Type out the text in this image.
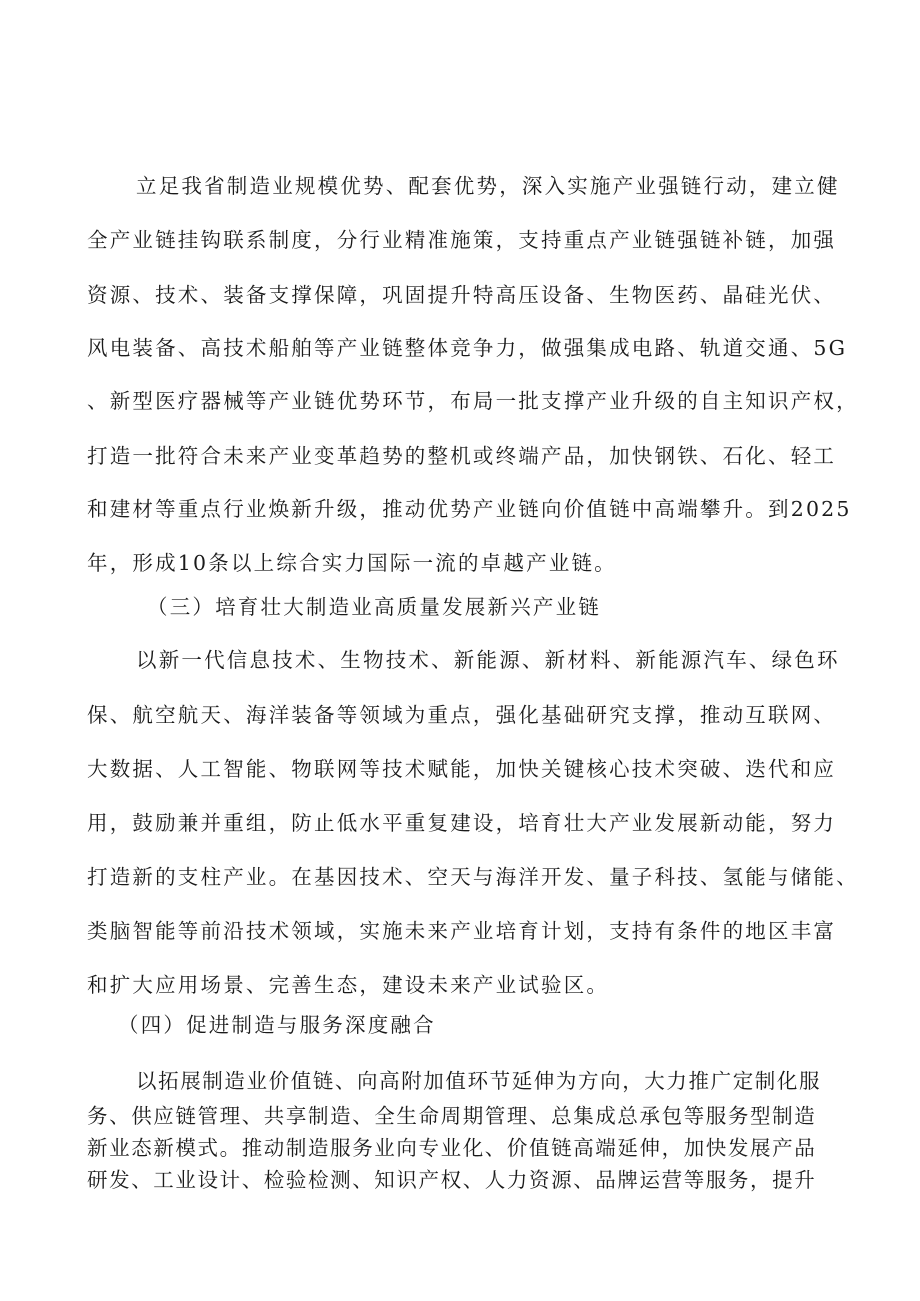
立足我省制造业规模优势、配套优势，深入实施产业强链行动，建立健
全产业链挂钩联系制度，分行业精准施策，支持重点产业链强链补链，加强
资源、技术、装备支撑保障，巩固提升特高压设备、生物医药、晶硅光伏、
风电装备、高技术船舶等产业链整体竞争力，做强集成电路、轨道交通、5G
、新型医疗器械等产业链优势环节，布局一批支撑产业升级的自主知识产权，
打造一批符合未来产业变革趋势的整机或终端产品，加快钢铁、石化、轻工
和建材等重点行业焕新升级，推动优势产业链向价值链中高端攀升。到2025
年，形成10条以上综合实力国际一流的卓越产业链。
（三）培育壮大制造业高质量发展新兴产业链
以新一代信息技术、生物技术、新能源、新材料、新能源汽车、绿色环
保、航空航天、海洋装备等领域为重点，强化基础研究支撑，推动互联网、
大数据、人工智能、物联网等技术赋能，加快关键核心技术突破、迭代和应
用，鼓励兼并重组，防止低水平重复建设，培育壮大产业发展新动能，努力
打造新的支柱产业。在基因技术、空天与海洋开发、量子科技、氢能与储能、
类脑智能等前沿技术领域，实施未来产业培育计划，支持有条件的地区丰富
和扩大应用场景、完善生态，建设未来产业试验区。
（四）促进制造与服务深度融合
以拓展制造业价值链、向高附加值环节延伸为方向，大力推广定制化服
务、供应链管理、共享制造、全生命周期管理、总集成总承包等服务型制造
新业态新模式。推动制造服务业向专业化、价值链高端延伸，加快发展产品
研发、工业设计、检验检测、知识产权、人力资源、品牌运营等服务，提升
